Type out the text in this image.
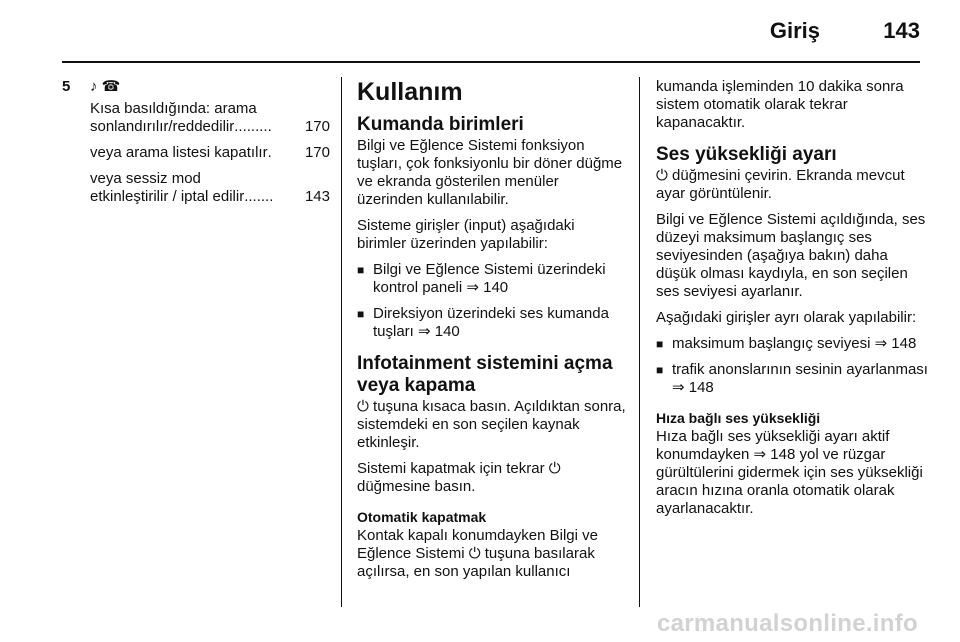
Giriş	143
5 ♪ ☎
Kısa basıldığında: arama
sonlandırılır/reddedilir .........	170
veya arama listesi kapatılır .	170
veya sessiz mod
etkinleştirilir / iptal edilir .......	143
Kullanım
Kumanda birimleri
Bilgi ve Eğlence Sistemi fonksiyon tuşları, çok fonksiyonlu bir döner düğme ve ekranda gösterilen menüler üzerinden kullanılabilir.
Sisteme girişler (input) aşağıdaki birimler üzerinden yapılabilir:
■ Bilgi ve Eğlence Sistemi üzerindeki kontrol paneli ⇒ 140
■ Direksiyon üzerindeki ses kumanda tuşları ⇒ 140
Infotainment sistemini açma veya kapama
⏻ tuşuna kısaca basın. Açıldıktan sonra, sistemdeki en son seçilen kaynak etkinleşir.
Sistemi kapatmak için tekrar ⏻ düğmesine basın.
Otomatik kapatmak
Kontak kapalı konumdayken Bilgi ve Eğlence Sistemi ⏻ tuşuna basılarak açılırsa, en son yapılan kullanıcı
kumanda işleminden 10 dakika sonra sistem otomatik olarak tekrar kapanacaktır.
Ses yüksekliği ayarı
⏻ düğmesini çevirin. Ekranda mevcut ayar görüntülenir.
Bilgi ve Eğlence Sistemi açıldığında, ses düzeyi maksimum başlangıç ses seviyesinden (aşağıya bakın) daha düşük olması kaydıyla, en son seçilen ses seviyesi ayarlanır.
Aşağıdaki girişler ayrı olarak yapılabilir:
■ maksimum başlangıç seviyesi ⇒ 148
■ trafik anonslarının sesinin ayarlanması ⇒ 148
Hıza bağlı ses yüksekliği
Hıza bağlı ses yüksekliği ayarı aktif konumdayken ⇒ 148 yol ve rüzgar gürültülerini gidermek için ses yüksekliği aracın hızına oranla otomatik olarak ayarlanacaktır.
carmanualsonline.info
